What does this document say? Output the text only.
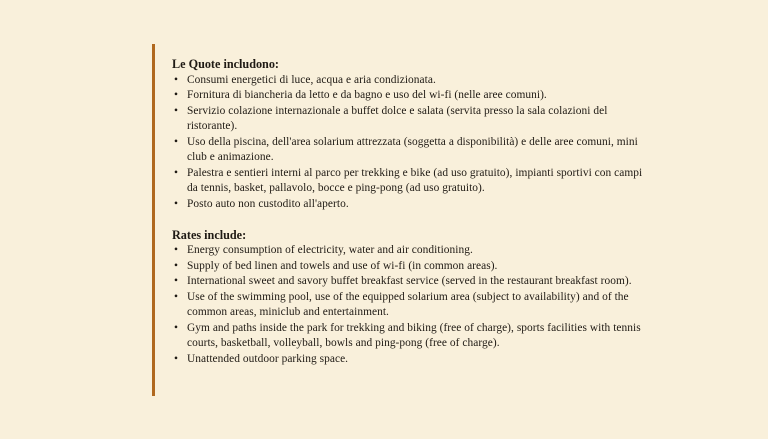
Le Quote includono:

• Consumi energetici di luce, acqua e aria condizionata.
• Fornitura di biancheria da letto e da bagno e uso del wi-fi (nelle aree comuni).
• Servizio colazione internazionale a buffet dolce e salata (servita presso la sala colazioni del ristorante).
• Uso della piscina, dell'area solarium attrezzata (soggetta a disponibilità) e delle aree comuni, mini club e animazione.
• Palestra e sentieri interni al parco per trekking e bike (ad uso gratuito), impianti sportivi con campi da tennis, basket, pallavolo, bocce e ping-pong (ad uso gratuito).
• Posto auto non custodito all'aperto.

Rates include:

• Energy consumption of electricity, water and air conditioning.
• Supply of bed linen and towels and use of wi-fi (in common areas).
• International sweet and savory buffet breakfast service (served in the restaurant breakfast room).
• Use of the swimming pool, use of the equipped solarium area (subject to availability) and of the common areas, miniclub and entertainment.
• Gym and paths inside the park for trekking and biking (free of charge), sports facilities with tennis courts, basketball, volleyball, bowls and ping-pong (free of charge).
• Unattended outdoor parking space.
